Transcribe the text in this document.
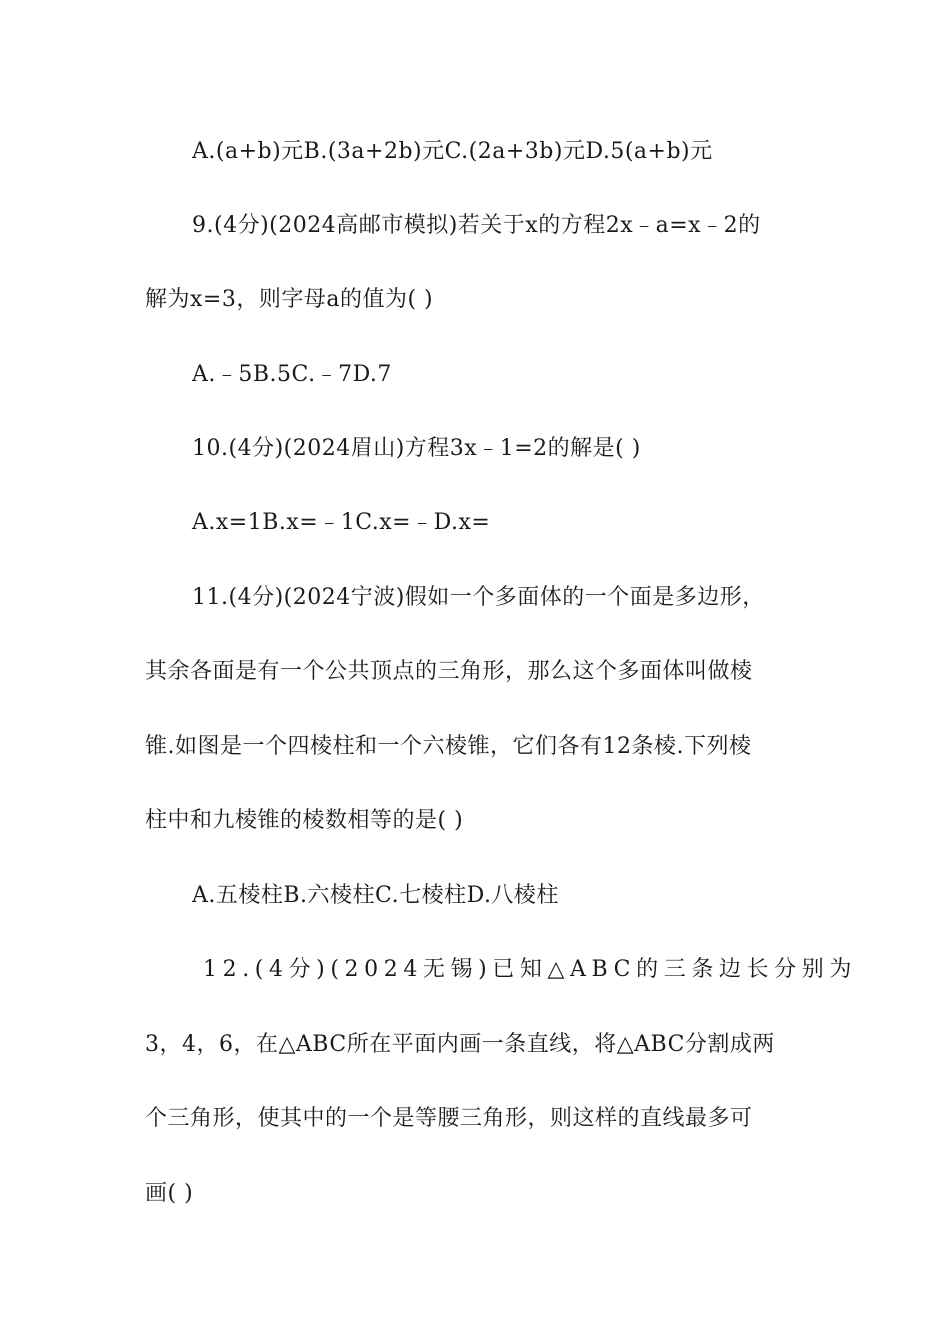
A.(a+b)元B.(3a+2b)元C.(2a+3b)元D.5(a+b)元
9.(4分)(2024高邮市模拟)若关于x的方程2x﹣a=x﹣2的
解为x=3，则字母a的值为( )
A.﹣5B.5C.﹣7D.7
10.(4分)(2024眉山)方程3x﹣1=2的解是( )
A.x=1B.x=﹣1C.x=﹣D.x=
11.(4分)(2024宁波)假如一个多面体的一个面是多边形，
其余各面是有一个公共顶点的三角形，那么这个多面体叫做棱
锥.如图是一个四棱柱和一个六棱锥，它们各有12条棱.下列棱
柱中和九棱锥的棱数相等的是( )
A.五棱柱B.六棱柱C.七棱柱D.八棱柱
12.(4分)(2024无锡)已知△ABC的三条边长分别为
3，4，6，在△ABC所在平面内画一条直线，将△ABC分割成两
个三角形，使其中的一个是等腰三角形，则这样的直线最多可
画( )
